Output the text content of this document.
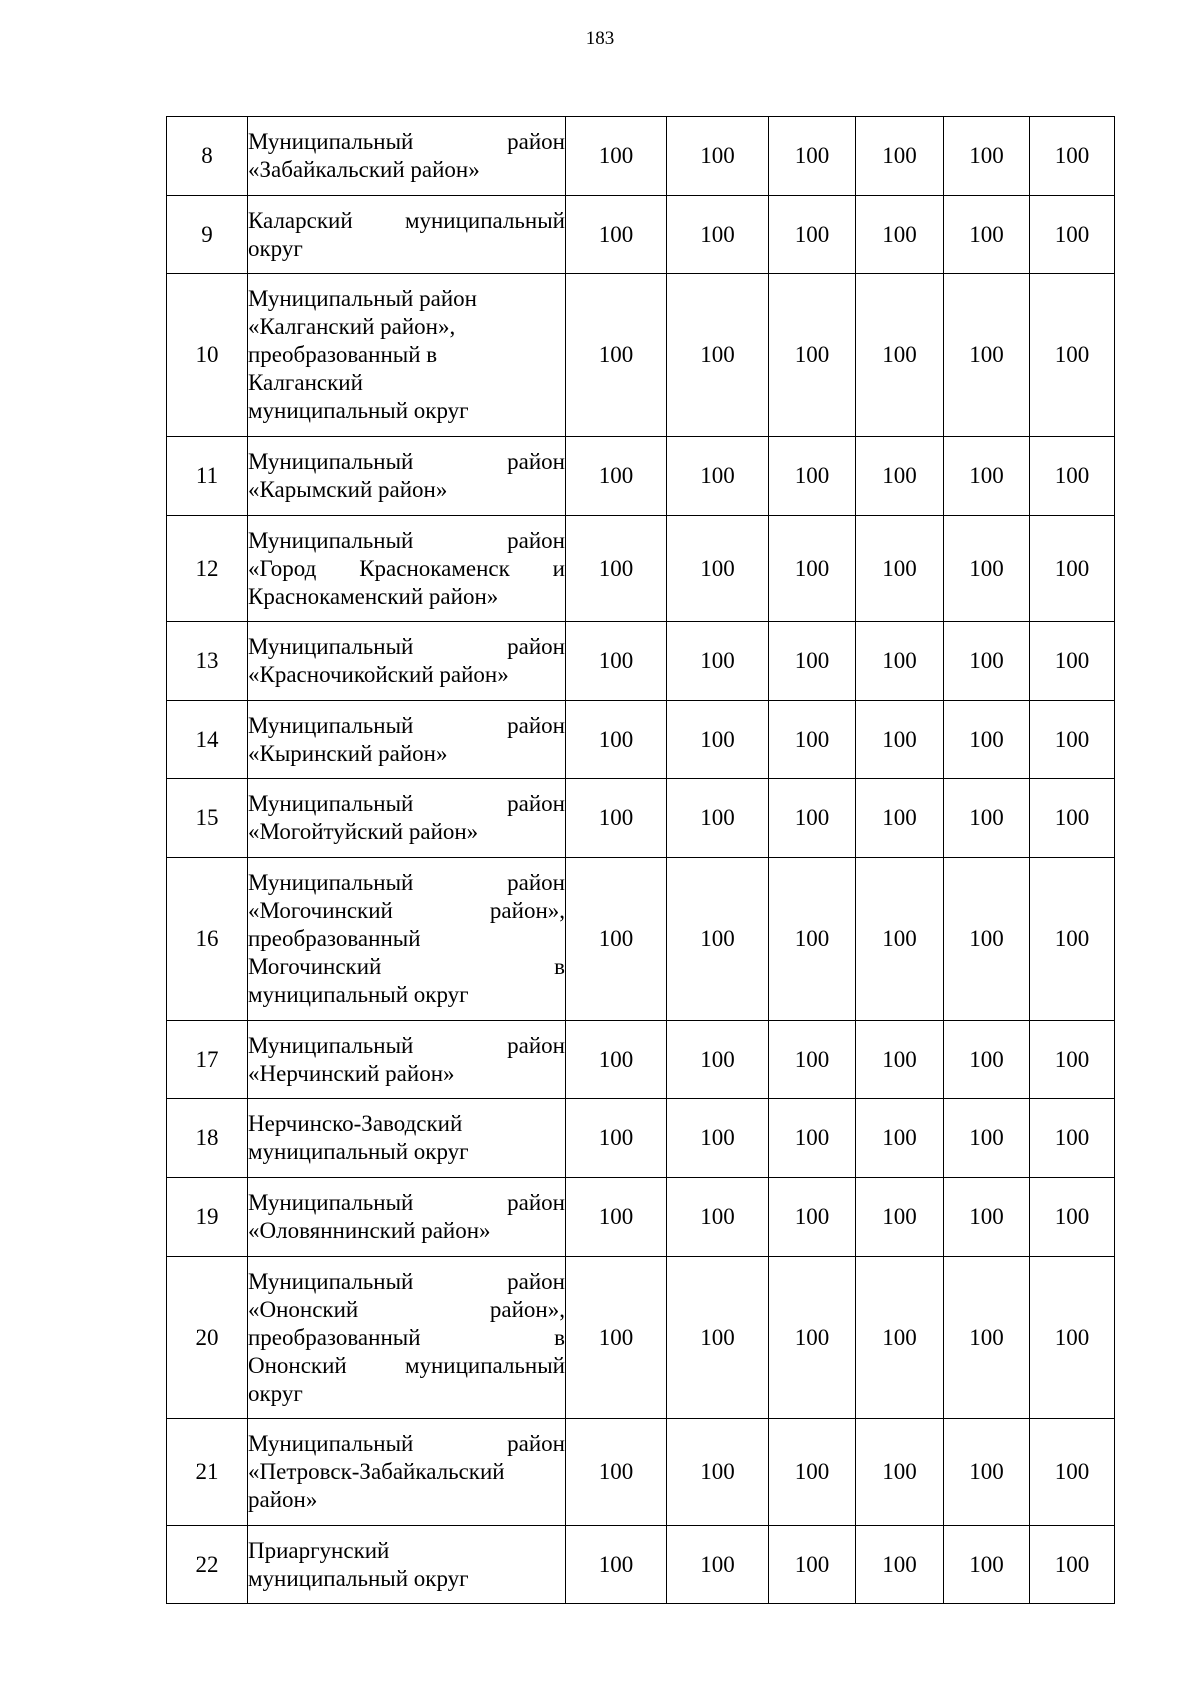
183
8	Муниципальный район
«Забайкальский район»	100	100	100	100	100	100
9	Каларский муниципальный
округ	100	100	100	100	100	100
10	Муниципальный район
«Калганский район»,
преобразованный в
Калганский
муниципальный округ	100	100	100	100	100	100
11	Муниципальный район
«Карымский район»	100	100	100	100	100	100
12	Муниципальный район
«Город Краснокаменск и
Краснокаменский район»	100	100	100	100	100	100
13	Муниципальный район
«Красночикойский район»	100	100	100	100	100	100
14	Муниципальный район
«Кыринский район»	100	100	100	100	100	100
15	Муниципальный район
«Могойтуйский район»	100	100	100	100	100	100
16	Муниципальный район
«Могочинский район»,
преобразованный
Могочинский в
муниципальный округ	100	100	100	100	100	100
17	Муниципальный район
«Нерчинский район»	100	100	100	100	100	100
18	Нерчинско-Заводский
муниципальный округ	100	100	100	100	100	100
19	Муниципальный район
«Оловяннинский район»	100	100	100	100	100	100
20	Муниципальный район
«Ононский район»,
преобразованный в
Ононский муниципальный
округ	100	100	100	100	100	100
21	Муниципальный район
«Петровск-Забайкальский
район»	100	100	100	100	100	100
22	Приаргунский
муниципальный округ	100	100	100	100	100	100
